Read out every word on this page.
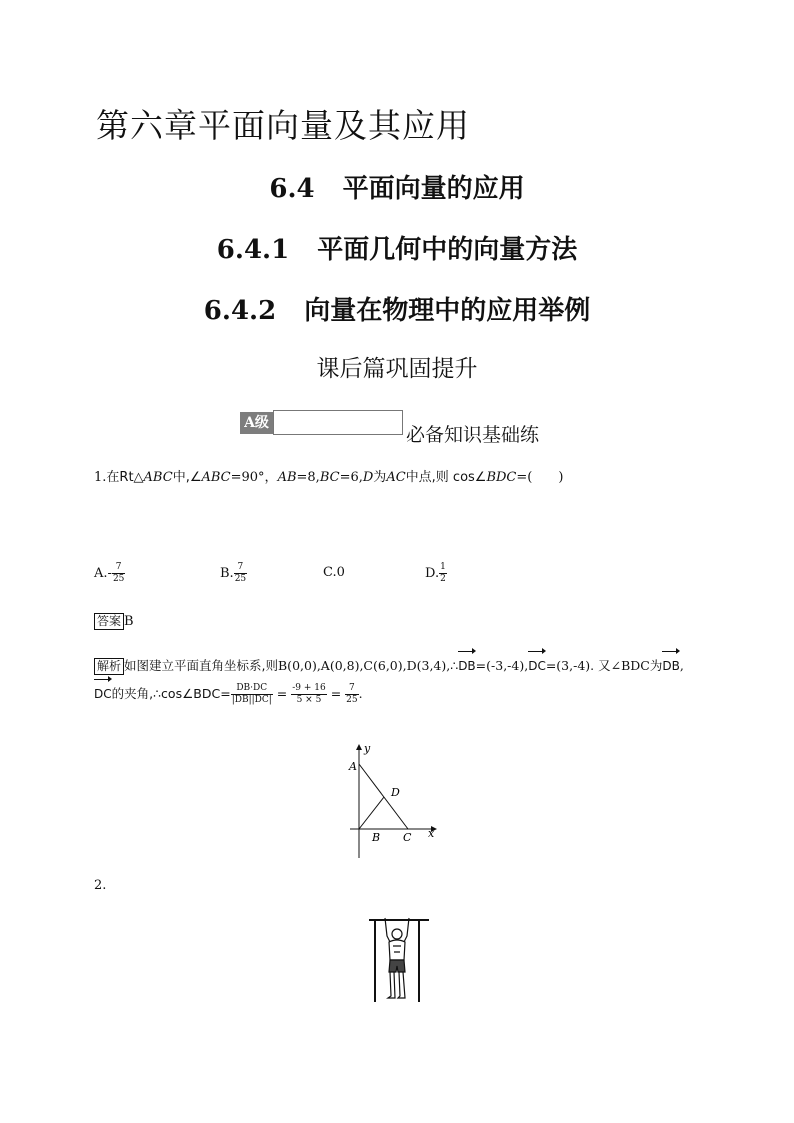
第六章平面向量及其应用
6.4 平面向量的应用
6.4.1 平面几何中的向量方法
6.4.2 向量在物理中的应用举例
课后篇巩固提升
A级
必备知识基础练
1.在Rt△ABC中,∠ABC=90°，AB=8,BC=6,D为AC中点,则 cos∠BDC=(　　)
$A.- \frac{7}{25}$	B. $\frac{7}{25}$	C.0	D. $\frac{1}{2}$
答案 B
解析 如图建立平面直角坐标系,则B(0,0),A(0,8),C(6,0),D(3,4),∴DB=(-3,-4),DC=(3,-4). 又∠BDC为DB,
DC的夹角,∴cos∠BDC= $\frac{DB\cdot DC}{|DB||DC|} = \frac{-9 + 16}{5 \times 5} = \frac{7}{25}$ .
y
A
D
B C x
2.
